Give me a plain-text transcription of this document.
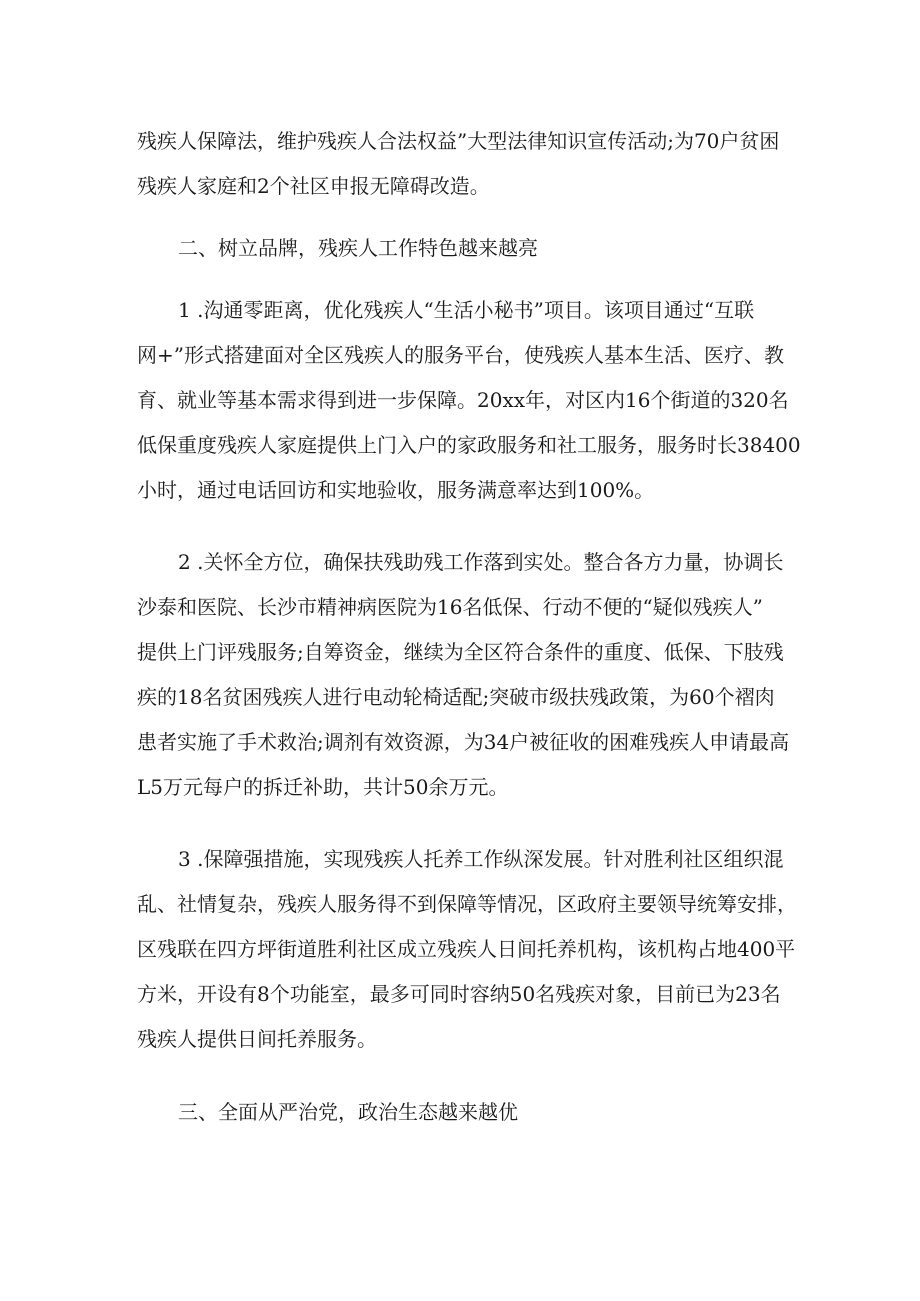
残疾人保障法，维护残疾人合法权益”大型法律知识宣传活动;为70户贫困

残疾人家庭和2个社区申报无障碍改造。

二、树立品牌，残疾人工作特色越来越亮

1 .沟通零距离，优化残疾人“生活小秘书”项目。该项目通过“互联

网+”形式搭建面对全区残疾人的服务平台，使残疾人基本生活、医疗、教

育、就业等基本需求得到进一步保障。20xx年，对区内16个街道的320名

低保重度残疾人家庭提供上门入户的家政服务和社工服务，服务时长38400

小时，通过电话回访和实地验收，服务满意率达到100%。

2 .关怀全方位，确保扶残助残工作落到实处。整合各方力量，协调长

沙泰和医院、长沙市精神病医院为16名低保、行动不便的“疑似残疾人”

提供上门评残服务;自筹资金，继续为全区符合条件的重度、低保、下肢残

疾的18名贫困残疾人进行电动轮椅适配;突破市级扶残政策，为60个褶肉

患者实施了手术救治;调剂有效资源，为34户被征收的困难残疾人申请最高

L5万元每户的拆迁补助，共计50余万元。

3 .保障强措施，实现残疾人托养工作纵深发展。针对胜利社区组织混

乱、社情复杂，残疾人服务得不到保障等情况，区政府主要领导统筹安排，

区残联在四方坪街道胜利社区成立残疾人日间托养机构，该机构占地400平

方米，开设有8个功能室，最多可同时容纳50名残疾对象，目前已为23名

残疾人提供日间托养服务。

三、全面从严治党，政治生态越来越优
